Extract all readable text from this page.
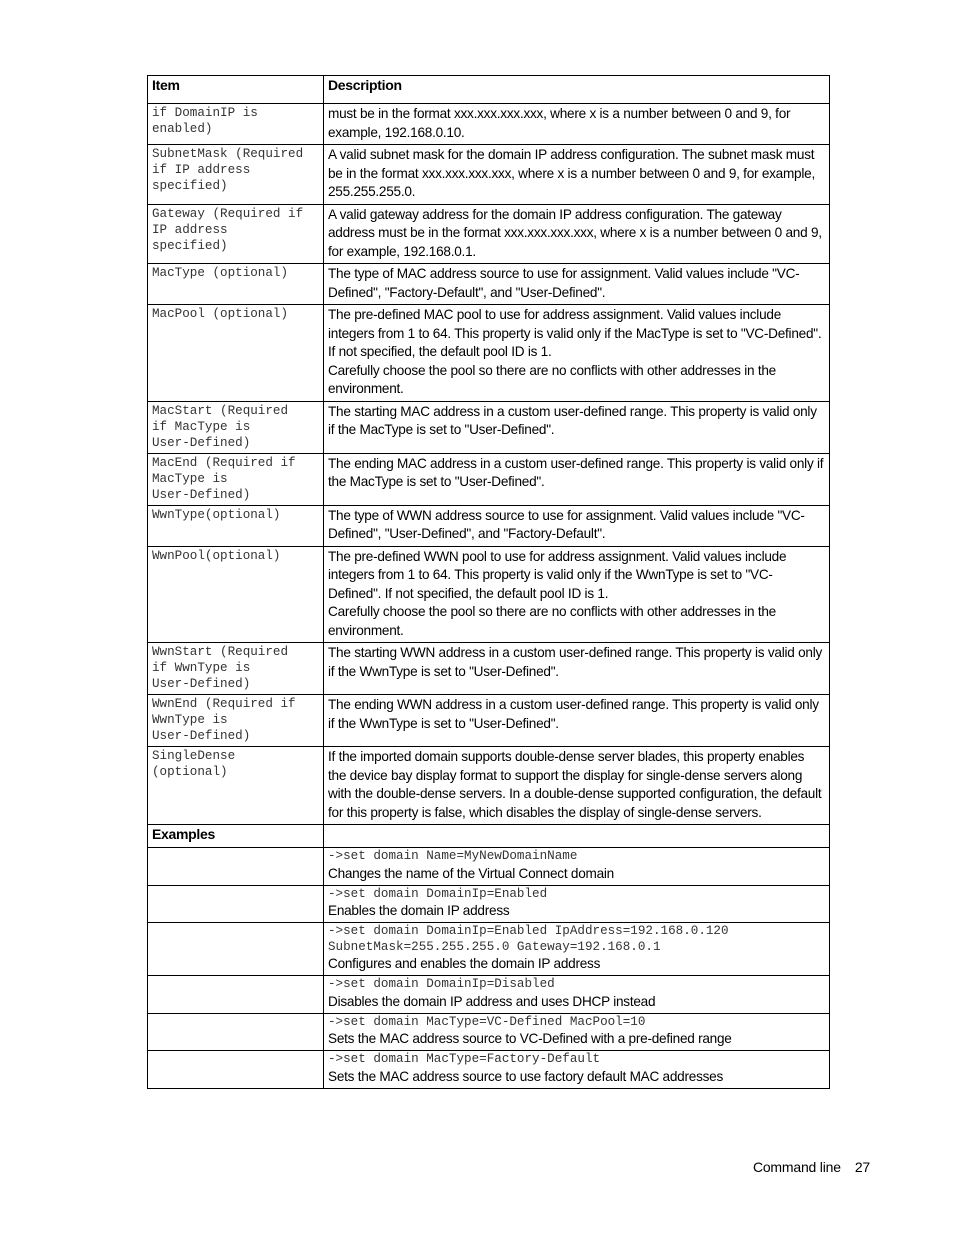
Item	Description
if DomainIP is
enabled)	must be in the format xxx.xxx.xxx.xxx, where x is a number between 0 and 9, for example, 192.168.0.10.

SubnetMask (Required
if IP address
specified)	A valid subnet mask for the domain IP address configuration. The subnet mask must be in the format xxx.xxx.xxx.xxx, where x is a number between 0 and 9, for example, 255.255.255.0.

Gateway (Required if
IP address
specified)	A valid gateway address for the domain IP address configuration. The gateway address must be in the format xxx.xxx.xxx.xxx, where x is a number between 0 and 9, for example, 192.168.0.1.

MacType (optional)	The type of MAC address source to use for assignment. Valid values include "VC-Defined", "Factory-Default", and "User-Defined".

MacPool (optional)	The pre-defined MAC pool to use for address assignment. Valid values include integers from 1 to 64. This property is valid only if the MacType is set to "VC-Defined". If not specified, the default pool ID is 1.
Carefully choose the pool so there are no conflicts with other addresses in the environment.

MacStart (Required
if MacType is
User-Defined)	The starting MAC address in a custom user-defined range. This property is valid only if the MacType is set to "User-Defined".

MacEnd (Required if
MacType is
User-Defined)	The ending MAC address in a custom user-defined range. This property is valid only if the MacType is set to "User-Defined".

WwnType(optional)	The type of WWN address source to use for assignment. Valid values include "VC-Defined", "User-Defined", and "Factory-Default".

WwnPool(optional)	The pre-defined WWN pool to use for address assignment. Valid values include integers from 1 to 64. This property is valid only if the WwnType is set to "VC-Defined". If not specified, the default pool ID is 1.
Carefully choose the pool so there are no conflicts with other addresses in the environment.

WwnStart (Required
if WwnType is
User-Defined)	The starting WWN address in a custom user-defined range. This property is valid only if the WwnType is set to "User-Defined".

WwnEnd (Required if
WwnType is
User-Defined)	The ending WWN address in a custom user-defined range. This property is valid only if the WwnType is set to "User-Defined".

SingleDense
(optional)	If the imported domain supports double-dense server blades, this property enables the device bay display format to support the display for single-dense servers along with the double-dense servers. In a double-dense supported configuration, the default for this property is false, which disables the display of single-dense servers.

Examples	

	->set domain Name=MyNewDomainName
Changes the name of the Virtual Connect domain

	->set domain DomainIp=Enabled
Enables the domain IP address

	->set domain DomainIp=Enabled IpAddress=192.168.0.120
SubnetMask=255.255.255.0 Gateway=192.168.0.1
Configures and enables the domain IP address

	->set domain DomainIp=Disabled
Disables the domain IP address and uses DHCP instead

	->set domain MacType=VC-Defined MacPool=10
Sets the MAC address source to VC-Defined with a pre-defined range

	->set domain MacType=Factory-Default
Sets the MAC address source to use factory default MAC addresses
Command line 27
